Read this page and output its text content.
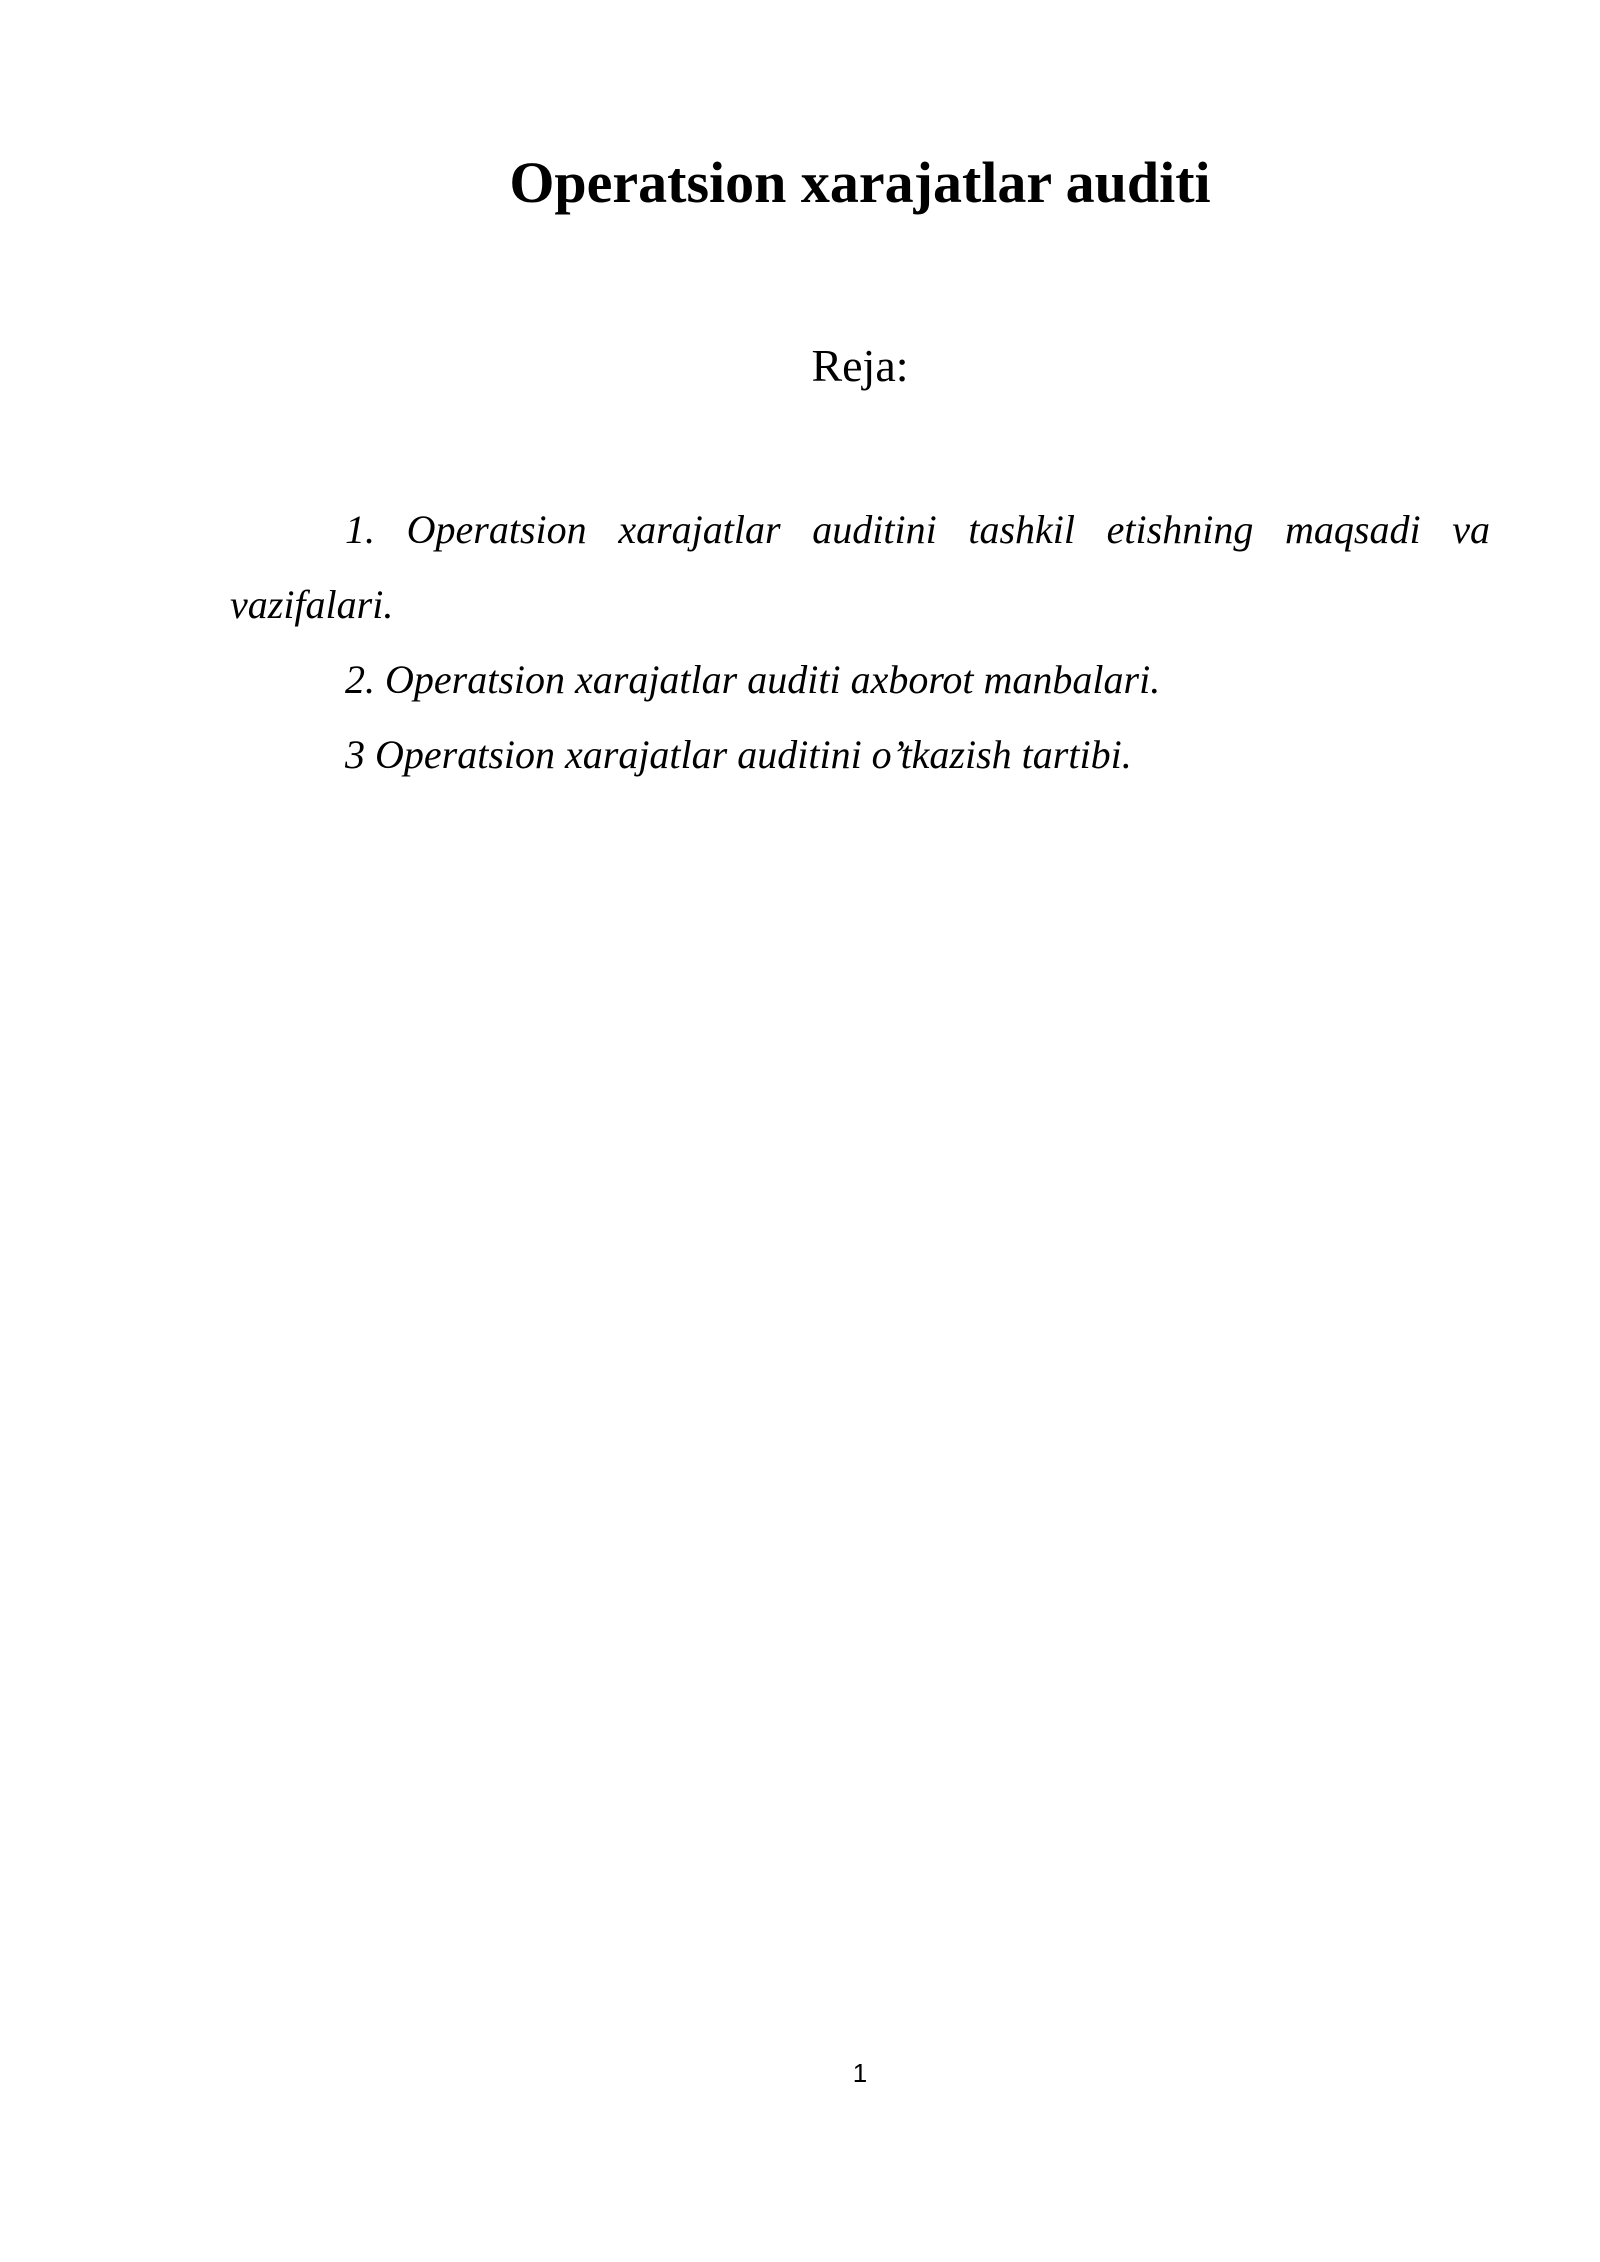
Operatsion xarajatlar auditi
Reja:
1. Operatsion xarajatlar auditini tashkil etishning maqsadi va vazifalari.
2. Operatsion xarajatlar auditi axborot manbalari.
3 Operatsion xarajatlar auditini o’tkazish tartibi.
1
